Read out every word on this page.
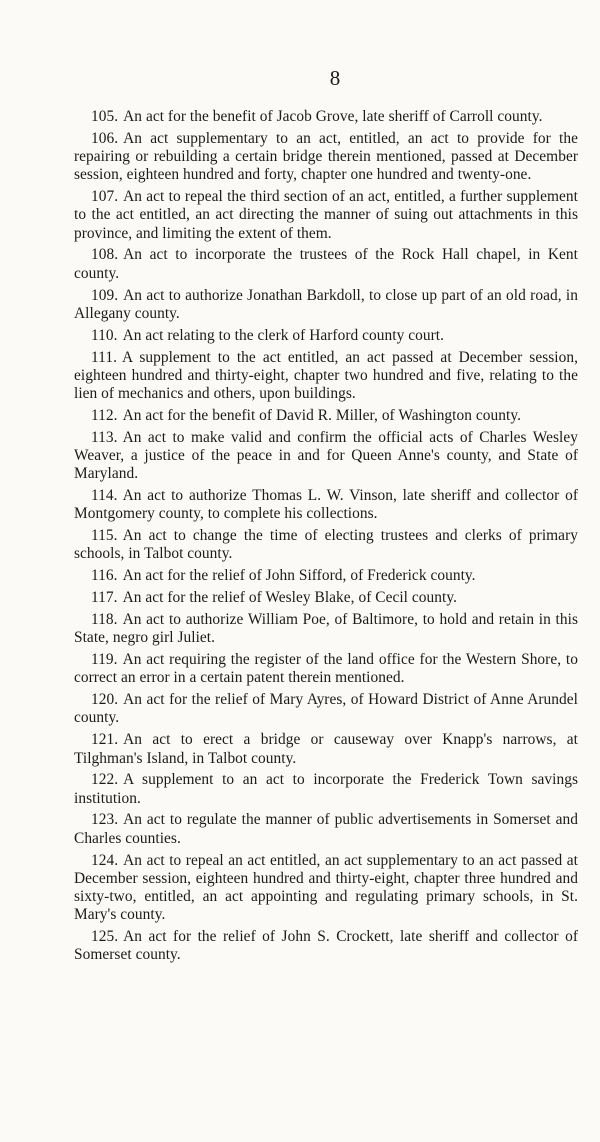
8

105. An act for the benefit of Jacob Grove, late sheriff of Carroll county.

106. An act supplementary to an act, entitled, an act to provide for the repairing or rebuilding a certain bridge therein mentioned, passed at December session, eighteen hundred and forty, chapter one hundred and twenty-one.

107. An act to repeal the third section of an act, entitled, a further supplement to the act entitled, an act directing the manner of suing out attachments in this province, and limiting the extent of them.

108. An act to incorporate the trustees of the Rock Hall chapel, in Kent county.

109. An act to authorize Jonathan Barkdoll, to close up part of an old road, in Allegany county.

110. An act relating to the clerk of Harford county court.

111. A supplement to the act entitled, an act passed at December session, eighteen hundred and thirty-eight, chapter two hundred and five, relating to the lien of mechanics and others, upon buildings.

112. An act for the benefit of David R. Miller, of Washington county.

113. An act to make valid and confirm the official acts of Charles Wesley Weaver, a justice of the peace in and for Queen Anne's county, and State of Maryland.

114. An act to authorize Thomas L. W. Vinson, late sheriff and collector of Montgomery county, to complete his collections.

115. An act to change the time of electing trustees and clerks of primary schools, in Talbot county.

116. An act for the relief of John Sifford, of Frederick county.

117. An act for the relief of Wesley Blake, of Cecil county.

118. An act to authorize William Poe, of Baltimore, to hold and retain in this State, negro girl Juliet.

119. An act requiring the register of the land office for the Western Shore, to correct an error in a certain patent therein mentioned.

120. An act for the relief of Mary Ayres, of Howard District of Anne Arundel county.

121. An act to erect a bridge or causeway over Knapp's narrows, at Tilghman's Island, in Talbot county.

122. A supplement to an act to incorporate the Frederick Town savings institution.

123. An act to regulate the manner of public advertisements in Somerset and Charles counties.

124. An act to repeal an act entitled, an act supplementary to an act passed at December session, eighteen hundred and thirty-eight, chapter three hundred and sixty-two, entitled, an act appointing and regulating primary schools, in St. Mary's county.

125. An act for the relief of John S. Crockett, late sheriff and collector of Somerset county.
